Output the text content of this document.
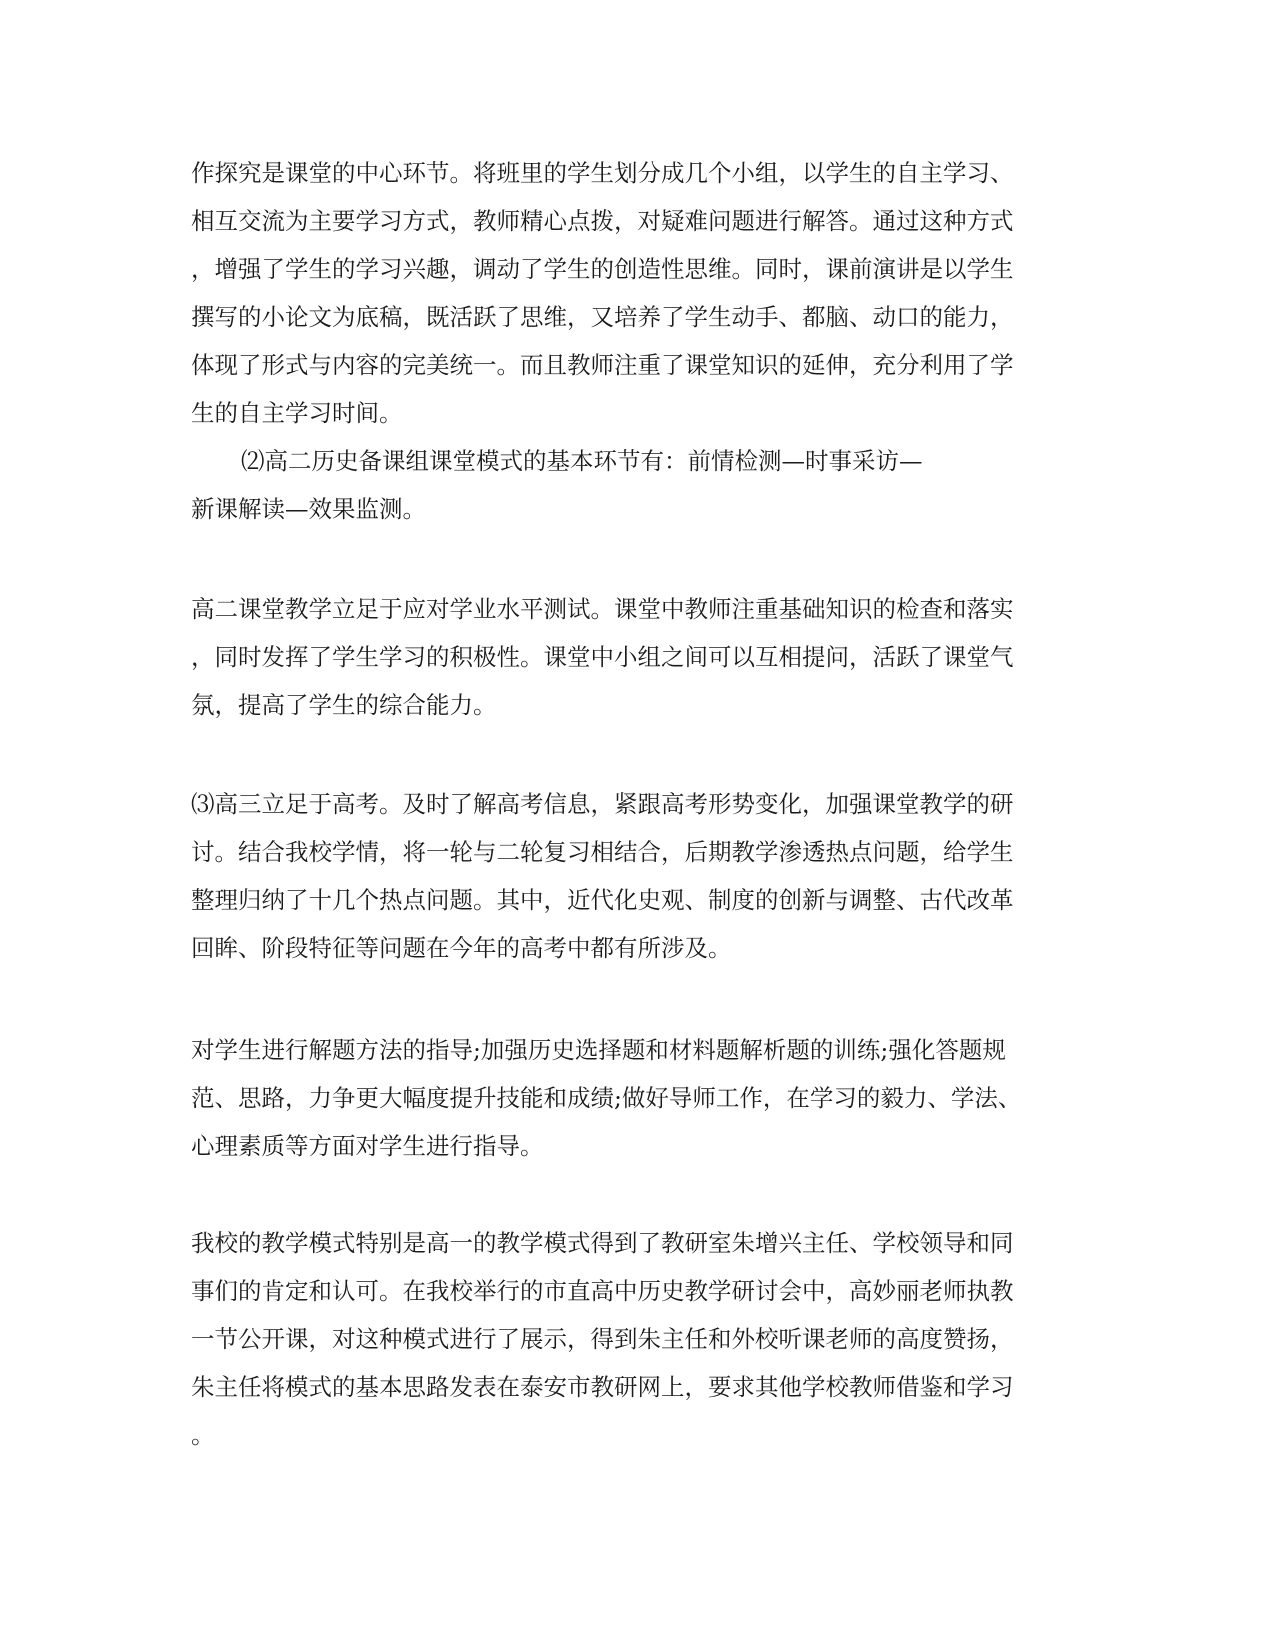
作探究是课堂的中心环节。将班里的学生划分成几个小组，以学生的自主学习、
相互交流为主要学习方式，教师精心点拨，对疑难问题进行解答。通过这种方式
，增强了学生的学习兴趣，调动了学生的创造性思维。同时，课前演讲是以学生
撰写的小论文为底稿，既活跃了思维，又培养了学生动手、都脑、动口的能力，
体现了形式与内容的完美统一。而且教师注重了课堂知识的延伸，充分利用了学
生的自主学习时间。
⑵高二历史备课组课堂模式的基本环节有：前情检测—时事采访—
新课解读—效果监测。
高二课堂教学立足于应对学业水平测试。课堂中教师注重基础知识的检查和落实
，同时发挥了学生学习的积极性。课堂中小组之间可以互相提问，活跃了课堂气
氛，提高了学生的综合能力。
⑶高三立足于高考。及时了解高考信息，紧跟高考形势变化，加强课堂教学的研
讨。结合我校学情，将一轮与二轮复习相结合，后期教学渗透热点问题，给学生
整理归纳了十几个热点问题。其中，近代化史观、制度的创新与调整、古代改革
回眸、阶段特征等问题在今年的高考中都有所涉及。
对学生进行解题方法的指导;加强历史选择题和材料题解析题的训练;强化答题规
范、思路，力争更大幅度提升技能和成绩;做好导师工作，在学习的毅力、学法、
心理素质等方面对学生进行指导。
我校的教学模式特别是高一的教学模式得到了教研室朱增兴主任、学校领导和同
事们的肯定和认可。在我校举行的市直高中历史教学研讨会中，高妙丽老师执教
一节公开课，对这种模式进行了展示，得到朱主任和外校听课老师的高度赞扬，
朱主任将模式的基本思路发表在泰安市教研网上，要求其他学校教师借鉴和学习
。
